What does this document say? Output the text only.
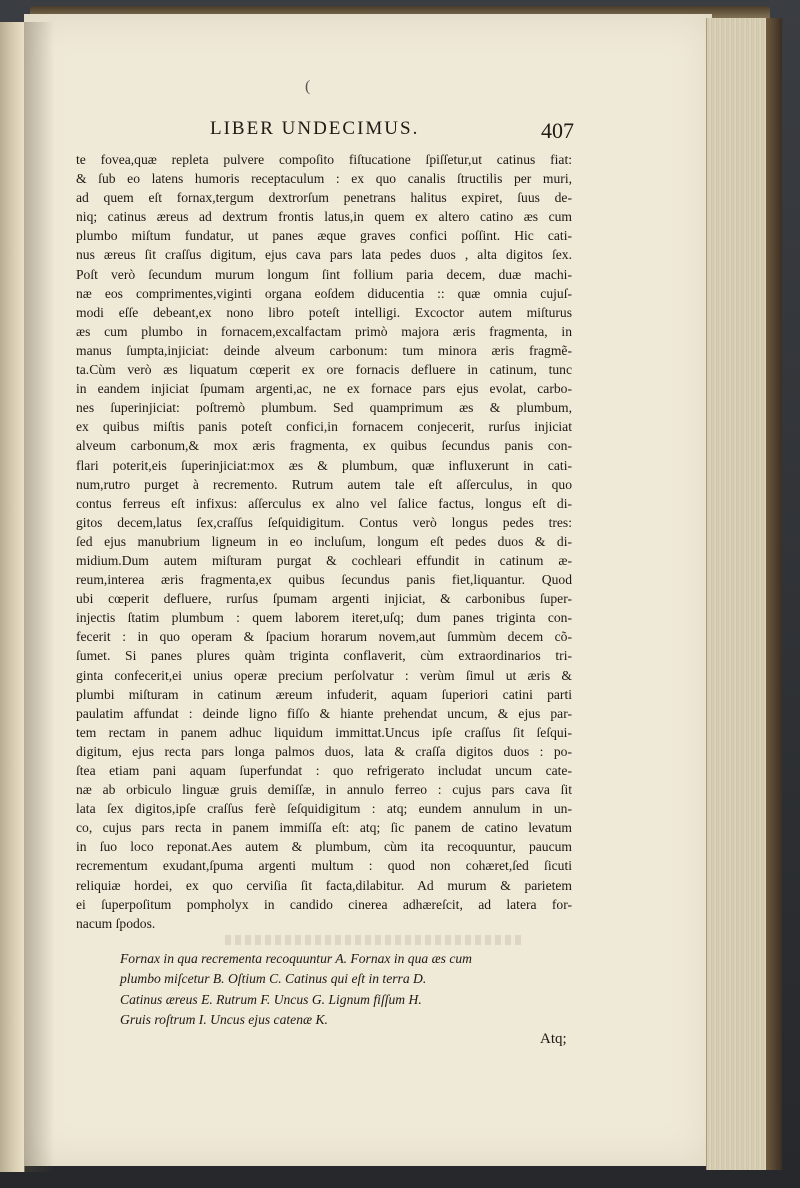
(
LIBER UNDECIMUS.	407
te fovea,quæ repleta pulvere compoſito fiſtucatione ſpiſſetur,ut catinus fiat:
& ſub eo latens humoris receptaculum : ex quo canalis ſtructilis per muri,
ad quem eſt fornax,tergum dextrorſum penetrans halitus expiret, ſuus de-
niq; catinus æreus ad dextrum frontis latus,in quem ex altero catino æs cum
plumbo miſtum fundatur, ut panes æque graves confici poſſint. Hic cati-
nus æreus ſit craſſus digitum, ejus cava pars lata pedes duos , alta digitos ſex.
Poſt verò ſecundum murum longum ſint follium paria decem, duæ machi-
næ eos comprimentes,viginti organa eoſdem diducentia :: quæ omnia cujuſ-
modi eſſe debeant,ex nono libro poteſt intelligi. Excoctor autem miſturus
æs cum plumbo in fornacem,excalfactam primò majora æris fragmenta, in
manus ſumpta,injiciat: deinde alveum carbonum: tum minora æris fragmẽ-
ta.Cùm verò æs liquatum cœperit ex ore fornacis defluere in catinum, tunc
in eandem injiciat ſpumam argenti,ac, ne ex fornace pars ejus evolat, carbo-
nes ſuperinjiciat: poſtremò plumbum. Sed quamprimum æs & plumbum,
ex quibus miſtis panis poteſt confici,in fornacem conjecerit, rurſus injiciat
alveum carbonum,& mox æris fragmenta, ex quibus ſecundus panis con-
flari poterit,eis ſuperinjiciat:mox æs & plumbum, quæ influxerunt in cati-
num,rutro purget à recremento. Rutrum autem tale eſt aſſerculus, in quo
contus ferreus eſt infixus: aſſerculus ex alno vel ſalice factus, longus eſt di-
gitos decem,latus ſex,craſſus ſeſquidigitum. Contus verò longus pedes tres:
ſed ejus manubrium ligneum in eo incluſum, longum eſt pedes duos & di-
midium.Dum autem miſturam purgat & cochleari effundit in catinum æ-
reum,interea æris fragmenta,ex quibus ſecundus panis fiet,liquantur. Quod
ubi cœperit defluere, rurſus ſpumam argenti injiciat, & carbonibus ſuper-
injectis ſtatim plumbum : quem laborem iteret,uſq; dum panes triginta con-
fecerit : in quo operam & ſpacium horarum novem,aut ſummùm decem cõ-
ſumet. Si panes plures quàm triginta conflaverit, cùm extraordinarios tri-
ginta confecerit,ei unius operæ precium perſolvatur : verùm ſimul ut æris &
plumbi miſturam in catinum æreum infuderit, aquam ſuperiori catini parti
paulatim affundat : deinde ligno fiſſo & hiante prehendat uncum, & ejus par-
tem rectam in panem adhuc liquidum immittat.Uncus ipſe craſſus ſit ſeſqui-
digitum, ejus recta pars longa palmos duos, lata & craſſa digitos duos : po-
ſtea etiam pani aquam ſuperfundat : quo refrigerato includat uncum cate-
næ ab orbiculo linguæ gruis demiſſæ, in annulo ferreo : cujus pars cava ſit
lata ſex digitos,ipſe craſſus ferè ſeſquidigitum : atq; eundem annulum in un-
co, cujus pars recta in panem immiſſa eſt: atq; ſic panem de catino levatum
in ſuo loco reponat.Aes autem & plumbum, cùm ita recoquuntur, paucum
recrementum exudant,ſpuma argenti multum : quod non cohæret,ſed ſicuti
reliquiæ hordei, ex quo cerviſia ſit facta,dilabitur. Ad murum & parietem
ei ſuperpoſitum pompholyx in candido cinerea adhæreſcit, ad latera for-
nacum ſpodos.
Fornax in qua recrementa recoquuntur A. Fornax in qua æs cum
plumbo miſcetur B. Oſtium C. Catinus qui eſt in terra D.
Catinus æreus E. Rutrum F. Uncus G. Lignum fiſſum H.
Gruis roſtrum I. Uncus ejus catenæ K.
Atq;
